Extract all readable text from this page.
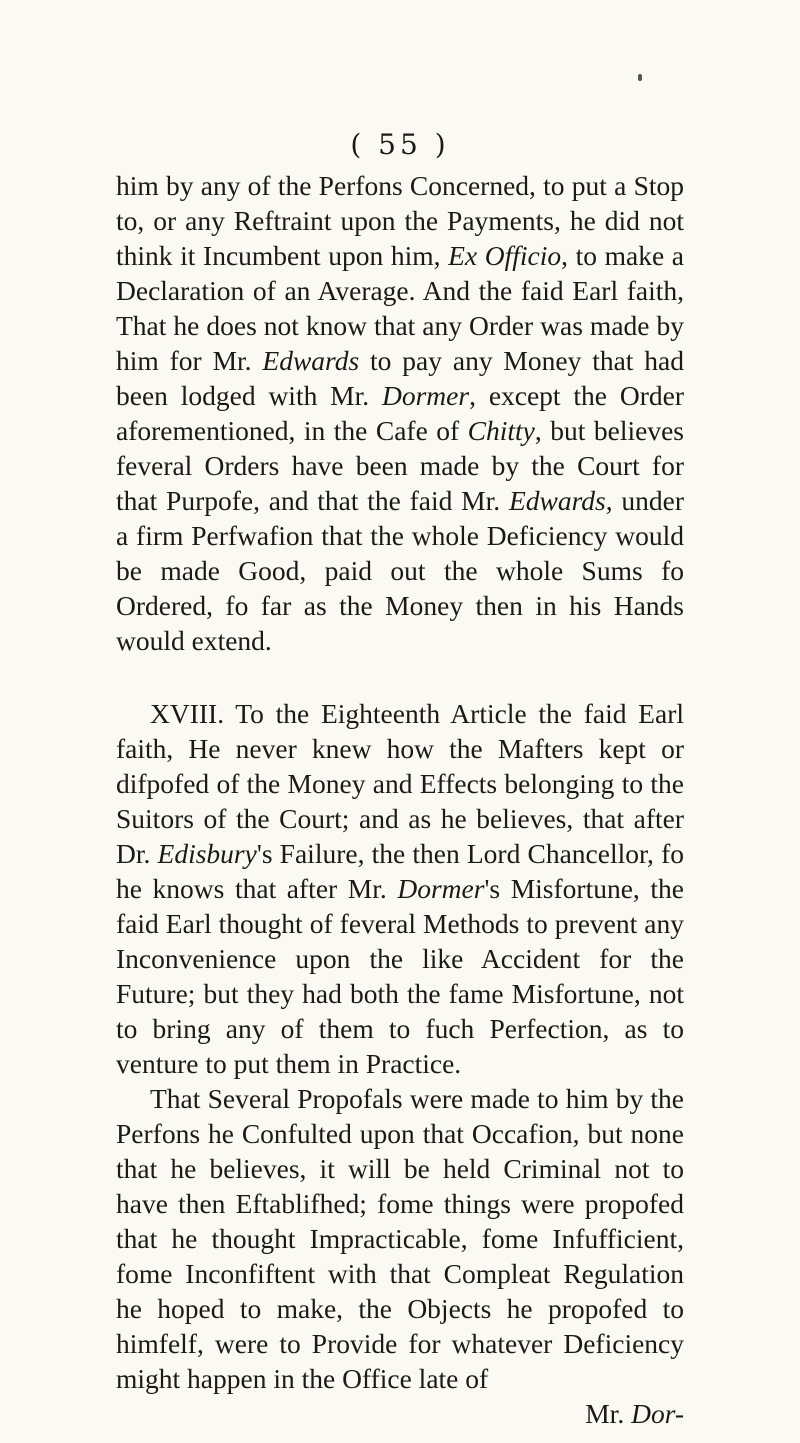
( 55 )

him by any of the Perfons Concerned, to put a Stop to, or any Reftraint upon the Payments, he did not think it Incumbent upon him, Ex Officio, to make a Declaration of an Average. And the faid Earl faith, That he does not know that any Order was made by him for Mr. Edwards to pay any Money that had been lodged with Mr. Dormer, except the Order aforementioned, in the Cafe of Chitty, but believes feveral Orders have been made by the Court for that Purpofe, and that the faid Mr. Edwards, under a firm Perfwafion that the whole Deficiency would be made Good, paid out the whole Sums fo Ordered, fo far as the Money then in his Hands would extend.

XVIII. To the Eighteenth Article the faid Earl faith, He never knew how the Mafters kept or difpofed of the Money and Effects belonging to the Suitors of the Court; and as he believes, that after Dr. Edisbury's Failure, the then Lord Chancellor, fo he knows that after Mr. Dormer's Misfortune, the faid Earl thought of feveral Methods to prevent any Inconvenience upon the like Accident for the Future; but they had both the fame Misfortune, not to bring any of them to fuch Perfection, as to venture to put them in Practice.

That Several Propofals were made to him by the Perfons he Confulted upon that Occafion, but none that he believes, it will be held Criminal not to have then Eftablifhed; fome things were propofed that he thought Impracticable, fome Infufficient, fome Inconfiftent with that Compleat Regulation he hoped to make, the Objects he propofed to himfelf, were to Provide for whatever Deficiency might happen in the Office late of

Mr. Dor-
